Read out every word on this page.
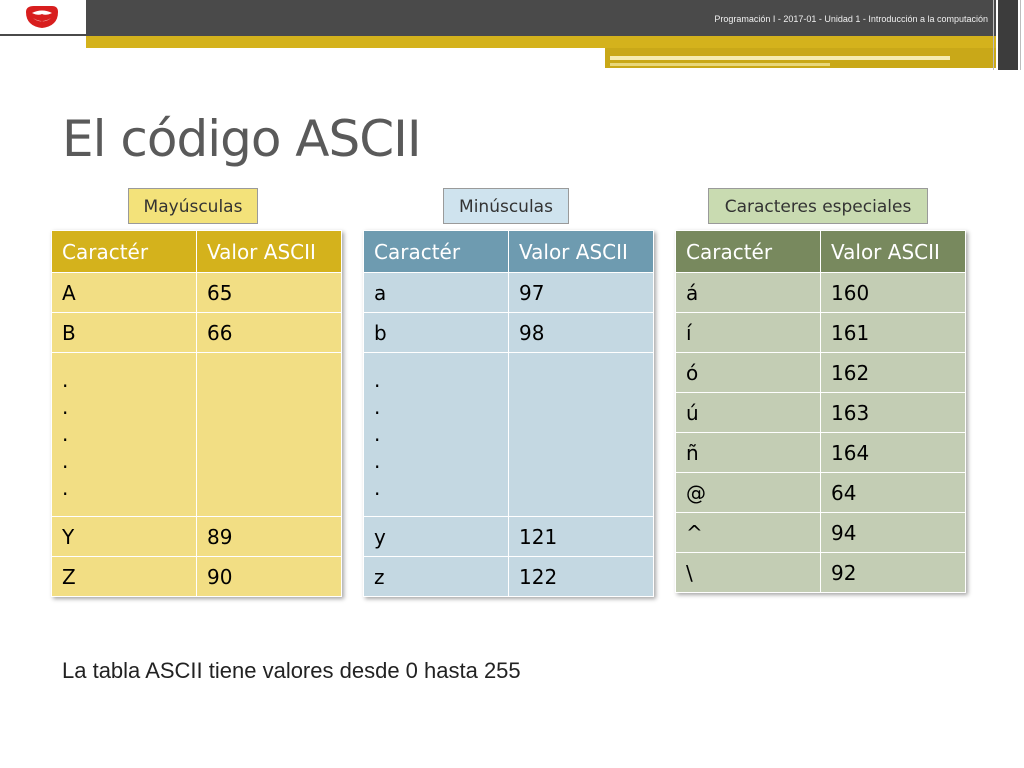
Programación I - 2017-01 - Unidad 1 - Introducción a la computación
El código ASCII
Mayúsculas	Minúsculas	Caracteres especiales
Caractér	Valor ASCII
A	65
B	66
.
.
.
.
.	
Y	89
Z	90
Caractér	Valor ASCII
a	97
b	98
.
.
.
.
.	
y	121
z	122
Caractér	Valor ASCII
á	160
í	161
ó	162
ú	163
ñ	164
@	64
^	94
\	92
La tabla ASCII tiene valores desde 0 hasta 255
